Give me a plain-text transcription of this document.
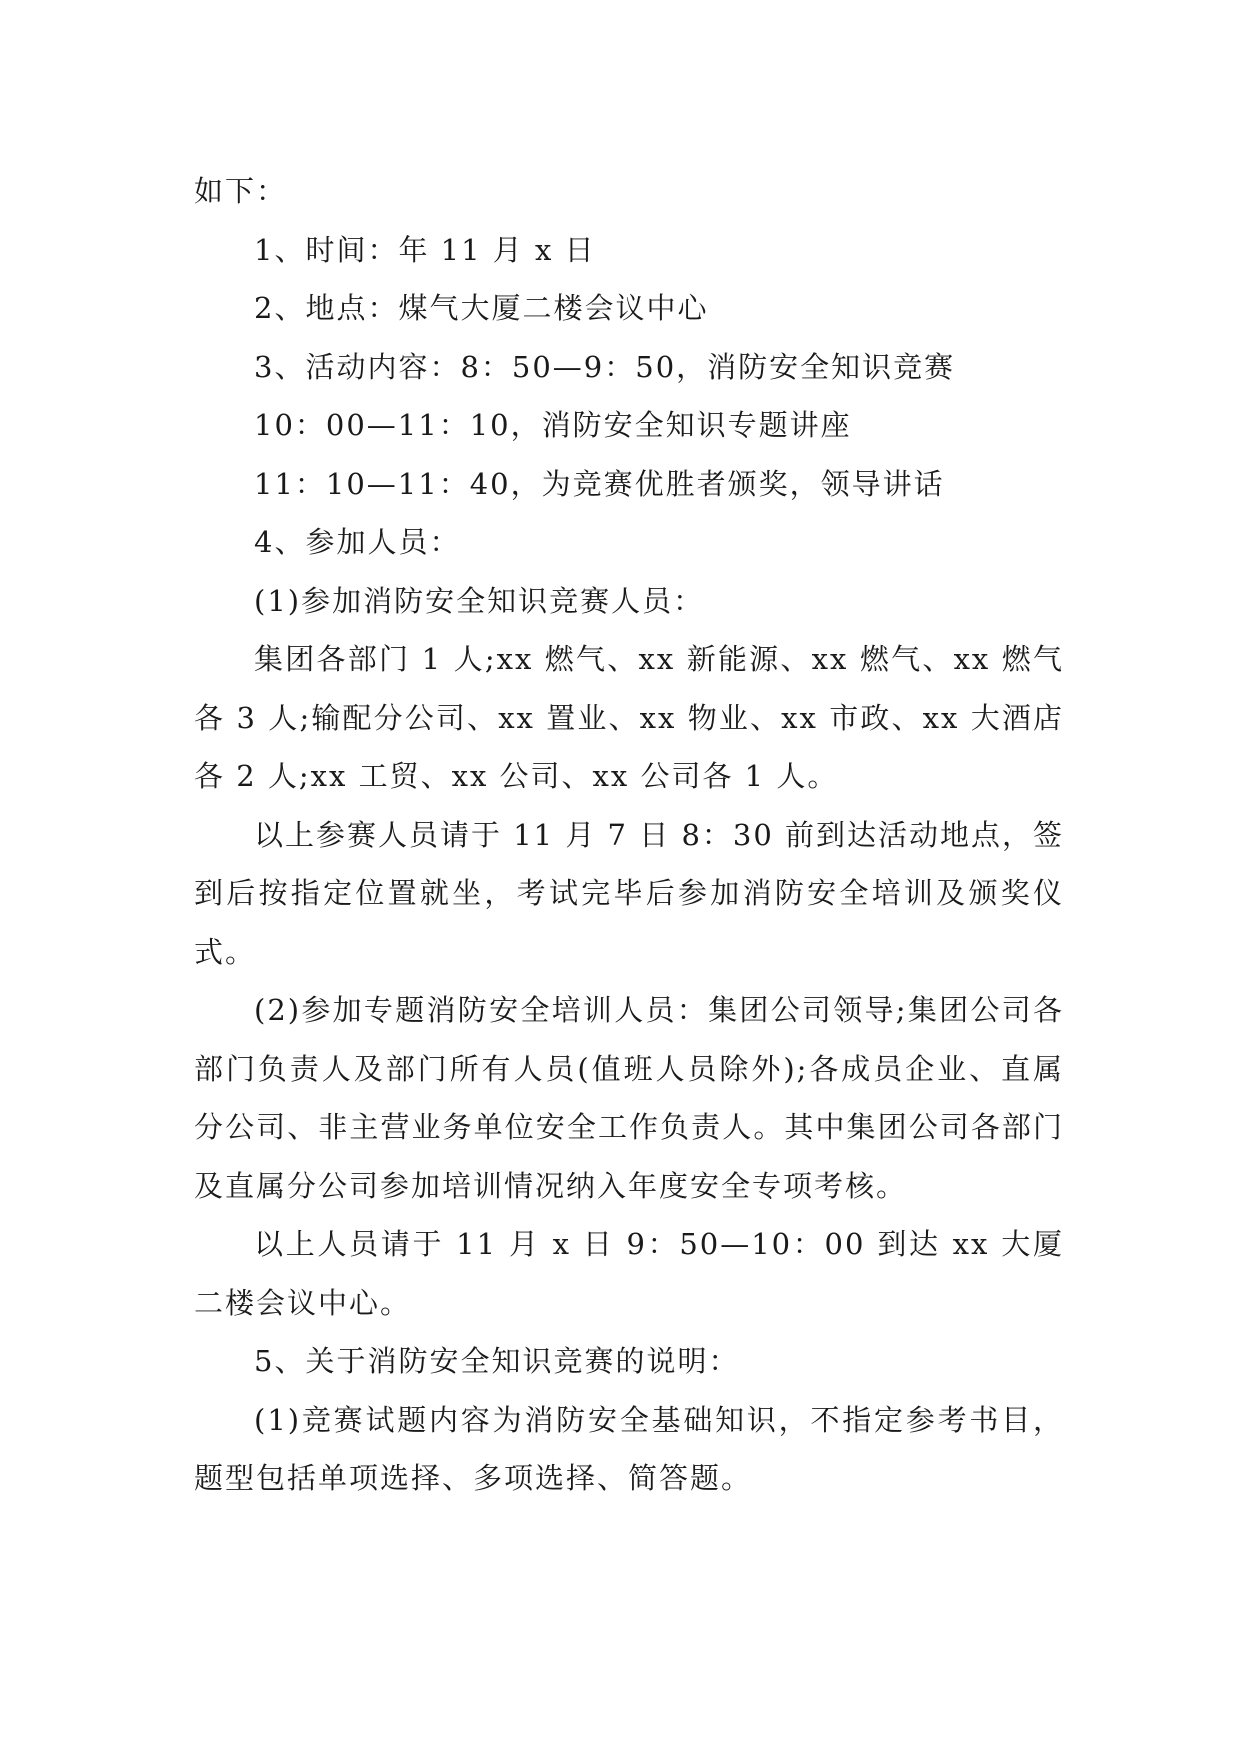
如下：

1、时间：年 11 月 x 日

2、地点：煤气大厦二楼会议中心

3、活动内容：8：50—9：50，消防安全知识竞赛

10：00—11：10，消防安全知识专题讲座

11：10—11：40，为竞赛优胜者颁奖，领导讲话

4、参加人员：

(1)参加消防安全知识竞赛人员：

集团各部门 1 人;xx 燃气、xx 新能源、xx 燃气、xx 燃气各 3 人;输配分公司、xx 置业、xx 物业、xx 市政、xx 大酒店各 2 人;xx 工贸、xx 公司、xx 公司各 1 人。

以上参赛人员请于 11 月 7 日 8：30 前到达活动地点，签到后按指定位置就坐，考试完毕后参加消防安全培训及颁奖仪式。

(2)参加专题消防安全培训人员：集团公司领导;集团公司各部门负责人及部门所有人员(值班人员除外);各成员企业、直属分公司、非主营业务单位安全工作负责人。其中集团公司各部门及直属分公司参加培训情况纳入年度安全专项考核。

以上人员请于 11 月 x 日 9：50—10：00 到达 xx 大厦二楼会议中心。

5、关于消防安全知识竞赛的说明：

(1)竞赛试题内容为消防安全基础知识，不指定参考书目，题型包括单项选择、多项选择、简答题。
